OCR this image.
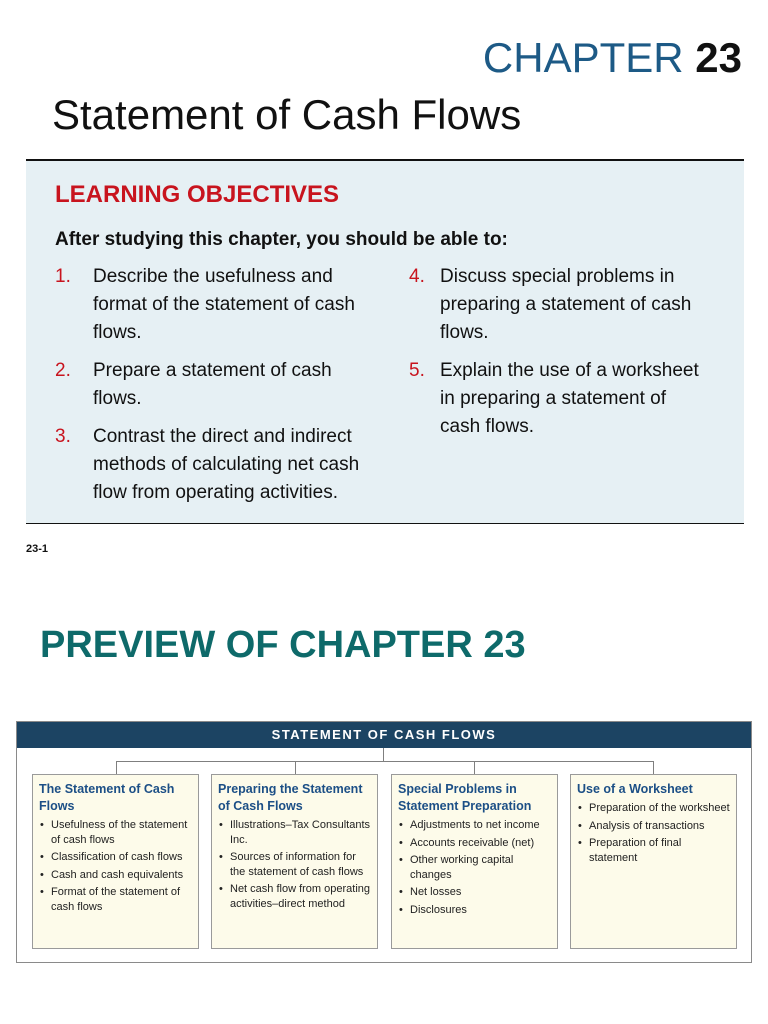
CHAPTER 23
Statement of Cash Flows
LEARNING OBJECTIVES
After studying this chapter, you should be able to:
1. Describe the usefulness and format of the statement of cash flows.
2. Prepare a statement of cash flows.
3. Contrast the direct and indirect methods of calculating net cash flow from operating activities.
4. Discuss special problems in preparing a statement of cash flows.
5. Explain the use of a worksheet in preparing a statement of cash flows.
23-1
PREVIEW OF CHAPTER 23
STATEMENT OF CASH FLOWS
The Statement of Cash Flows
• Usefulness of the statement of cash flows
• Classification of cash flows
• Cash and cash equivalents
• Format of the statement of cash flows
Preparing the Statement of Cash Flows
• Illustrations–Tax Consultants Inc.
• Sources of information for the statement of cash flows
• Net cash flow from operating activities–direct method
Special Problems in Statement Preparation
• Adjustments to net income
• Accounts receivable (net)
• Other working capital changes
• Net losses
• Disclosures
Use of a Worksheet
• Preparation of the worksheet
• Analysis of transactions
• Preparation of final statement
